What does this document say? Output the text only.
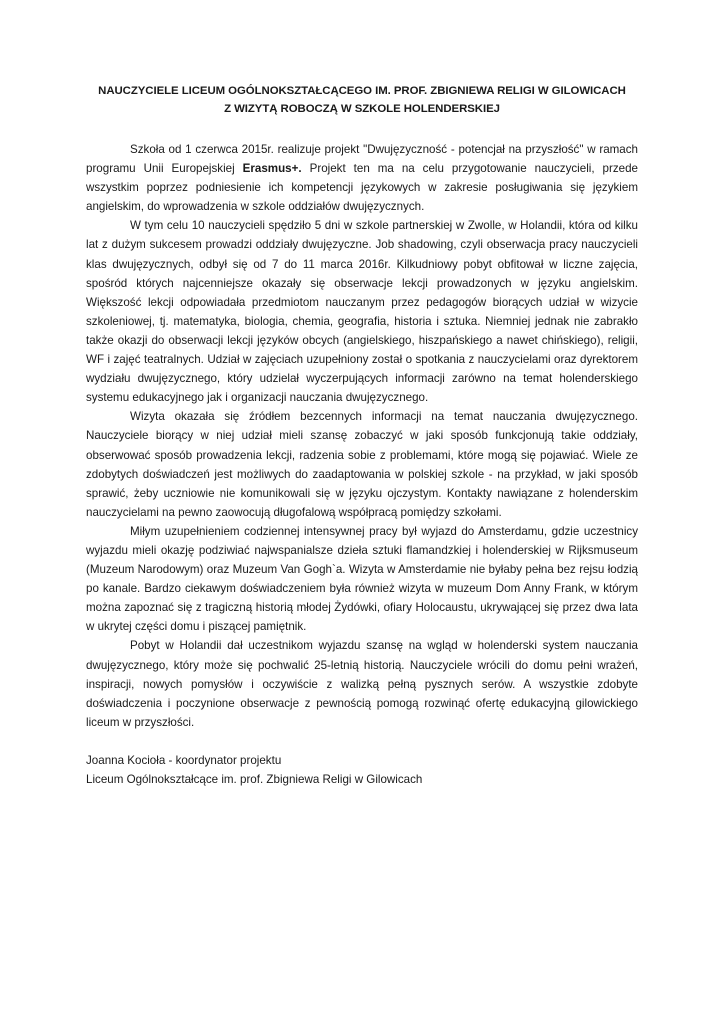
NAUCZYCIELE LICEUM OGÓLNOKSZTAŁCĄCEGO IM. PROF. ZBIGNIEWA RELIGI W GILOWICACH
Z WIZYTĄ ROBOCZĄ W SZKOLE HOLENDERSKIEJ

Szkoła od 1 czerwca 2015r. realizuje projekt "Dwujęzyczność - potencjał na przyszłość" w ramach programu Unii Europejskiej Erasmus+. Projekt ten ma na celu przygotowanie nauczycieli, przede wszystkim poprzez podniesienie ich kompetencji językowych w zakresie posługiwania się językiem angielskim, do wprowadzenia w szkole oddziałów dwujęzycznych.

W tym celu 10 nauczycieli spędziło 5 dni w szkole partnerskiej w Zwolle, w Holandii, która od kilku lat z dużym sukcesem prowadzi oddziały dwujęzyczne. Job shadowing, czyli obserwacja pracy nauczycieli klas dwujęzycznych, odbył się od 7 do 11 marca 2016r. Kilkudniowy pobyt obfitował w liczne zajęcia, spośród których najcenniejsze okazały się obserwacje lekcji prowadzonych w języku angielskim. Większość lekcji odpowiadała przedmiotom nauczanym przez pedagogów biorących udział w wizycie szkoleniowej, tj. matematyka, biologia, chemia, geografia, historia i sztuka. Niemniej jednak nie zabrakło także okazji do obserwacji lekcji języków obcych (angielskiego, hiszpańskiego a nawet chińskiego), religii, WF i zajęć teatralnych. Udział w zajęciach uzupełniony został o spotkania z nauczycielami oraz dyrektorem wydziału dwujęzycznego, który udzielał wyczerpujących informacji zarówno na temat holenderskiego systemu edukacyjnego jak i organizacji nauczania dwujęzycznego.

Wizyta okazała się źródłem bezcennych informacji na temat nauczania dwujęzycznego. Nauczyciele biorący w niej udział mieli szansę zobaczyć w jaki sposób funkcjonują takie oddziały, obserwować sposób prowadzenia lekcji, radzenia sobie z problemami, które mogą się pojawiać. Wiele ze zdobytych doświadczeń jest możliwych do zaadaptowania w polskiej szkole - na przykład, w jaki sposób sprawić, żeby uczniowie nie komunikowali się w języku ojczystym. Kontakty nawiązane z holenderskim nauczycielami na pewno zaowocują długofalową współpracą pomiędzy szkołami.

Miłym uzupełnieniem codziennej intensywnej pracy był wyjazd do Amsterdamu, gdzie uczestnicy wyjazdu mieli okazję podziwiać najwspanialsze dzieła sztuki flamandzkiej i holenderskiej w Rijksmuseum (Muzeum Narodowym) oraz Muzeum Van Gogh`a. Wizyta w Amsterdamie nie byłaby pełna bez rejsu łodzią po kanale. Bardzo ciekawym doświadczeniem była również wizyta w muzeum Dom Anny Frank, w którym można zapoznać się z tragiczną historią młodej Żydówki, ofiary Holocaustu, ukrywającej się przez dwa lata w ukrytej części domu i piszącej pamiętnik.

Pobyt w Holandii dał uczestnikom wyjazdu szansę na wgląd w holenderski system nauczania dwujęzycznego, który może się pochwalić 25-letnią historią. Nauczyciele wrócili do domu pełni wrażeń, inspiracji, nowych pomysłów i oczywiście z walizką pełną pysznych serów. A wszystkie zdobyte doświadczenia i poczynione obserwacje z pewnością pomogą rozwinąć ofertę edukacyjną gilowickiego liceum w przyszłości.

Joanna Kocioła - koordynator projektu
Liceum Ogólnokształcące im. prof. Zbigniewa Religi w Gilowicach
